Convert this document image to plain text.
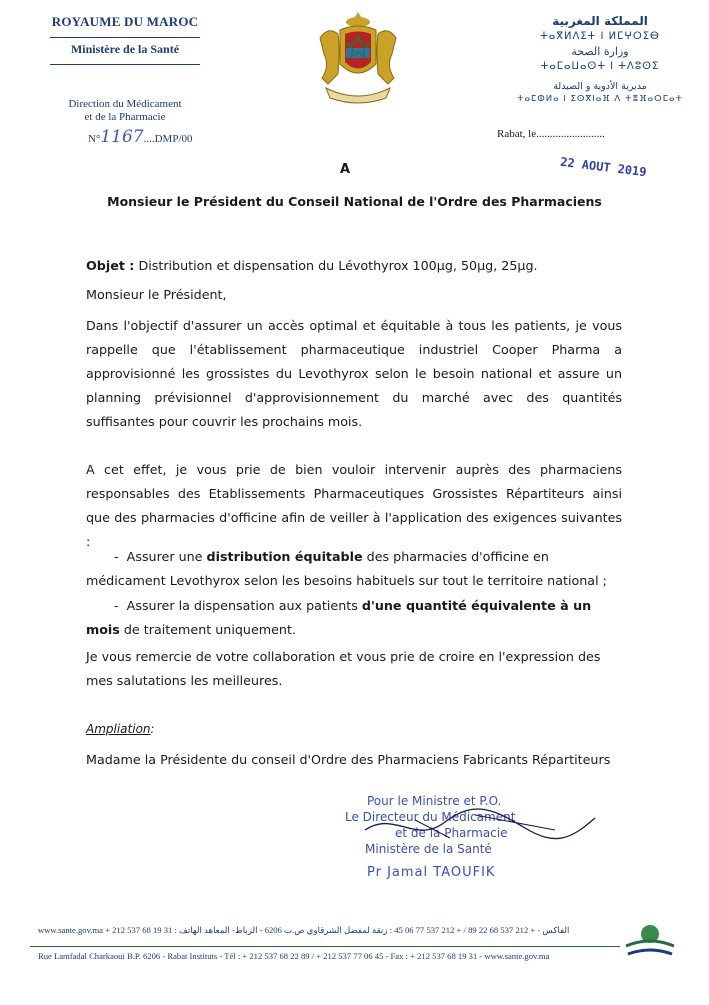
ROYAUME DU MAROC
Ministère de la Santé
Direction du Médicament
et de la Pharmacie
N°1167....DMP/00
المملكة المغربية
ⵜⴰⴳⵍⴷⵉⵜ ⵏ ⵍⵎⵖⵔⵉⴱ
وزارة الصحة
ⵜⴰⵎⴰⵡⴰⵙⵜ ⵏ ⵜⴷⵓⵙⵉ
مديرية الأدوية و الصيدلة
ⵜⴰⵎⵀⵍⴰ ⵏ ⵉⵙⴳⵏⴰⴼ ⴷ ⵜⴻⴼⴰⵔⵎⴰⵜ
Rabat, le.........................
22 AOUT 2019
A
Monsieur le Président du Conseil National de l'Ordre des Pharmaciens
Objet : Distribution et dispensation du Lévothyrox 100µg, 50µg, 25µg.
Monsieur le Président,
Dans l'objectif d'assurer un accès optimal et équitable à tous les patients, je vous rappelle que l'établissement pharmaceutique industriel Cooper Pharma a approvisionné les grossistes du Levothyrox selon le besoin national et assure un planning prévisionnel d'approvisionnement du marché avec des quantités suffisantes pour couvrir les prochains mois.
A cet effet, je vous prie de bien vouloir intervenir auprès des pharmaciens responsables des Etablissements Pharmaceutiques Grossistes Répartiteurs ainsi que des pharmacies d'officine afin de veiller à l'application des exigences suivantes :
-  Assurer une distribution équitable des pharmacies d'officine en médicament Levothyrox selon les besoins habituels sur tout le territoire national ;
-  Assurer la dispensation aux patients d'une quantité équivalente à un mois de traitement uniquement.
Je vous remercie de votre collaboration et vous prie de croire en l'expression des mes salutations les meilleures.
Ampliation:
Madame la Présidente du conseil d'Ordre des Pharmaciens Fabricants Répartiteurs
Pour le Ministre et P.O.
Le Directeur du Médicament
et de la Pharmacie
Ministère de la Santé
Pr Jamal TAOUFIK
www.sante.gov.ma + 212 537 68 19 31 : الفاكس - + 212 537 68 22 89 / + 212 537 77 06 45 : زنقة لمفضل الشرقاوي ص.ب 6206 - الرباط- المعاهد الهاتف
Rue Lamfadal Charkaoui B.P. 6206 - Rabat Instituts - Tél : + 212 537 68 22 89 / + 212 537 77 06 45 - Fax : + 212 537 68 19 31 - www.sante.gov.ma
